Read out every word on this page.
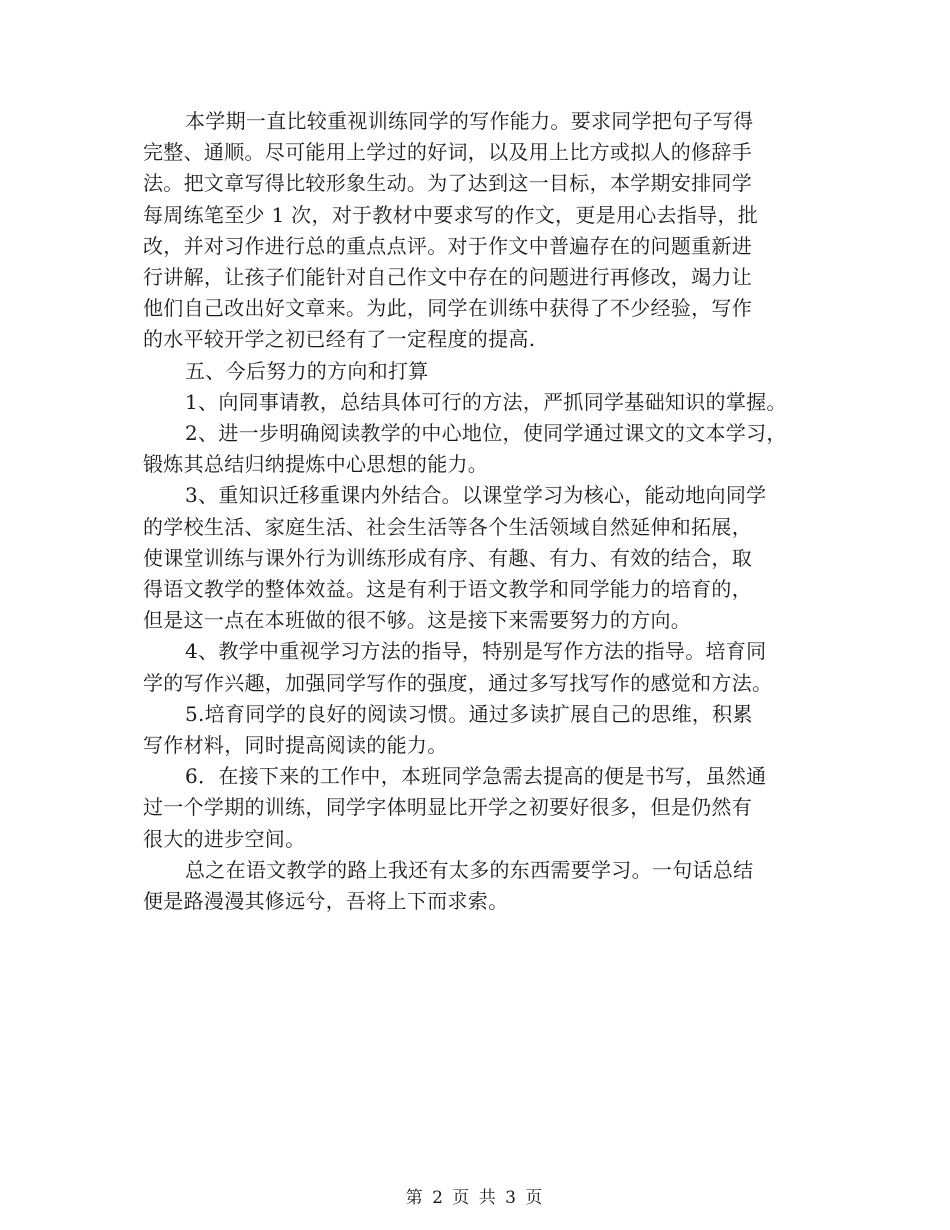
本学期一直比较重视训练同学的写作能力。要求同学把句子写得
完整、通顺。尽可能用上学过的好词，以及用上比方或拟人的修辞手
法。把文章写得比较形象生动。为了达到这一目标，本学期安排同学
每周练笔至少 1 次，对于教材中要求写的作文，更是用心去指导，批
改，并对习作进行总的重点点评。对于作文中普遍存在的问题重新进
行讲解，让孩子们能针对自己作文中存在的问题进行再修改，竭力让
他们自己改出好文章来。为此，同学在训练中获得了不少经验，写作
的水平较开学之初已经有了一定程度的提高.

五、今后努力的方向和打算

1、向同事请教，总结具体可行的方法，严抓同学基础知识的掌握。

2、进一步明确阅读教学的中心地位，使同学通过课文的文本学习，
锻炼其总结归纳提炼中心思想的能力。

3、重知识迁移重课内外结合。以课堂学习为核心，能动地向同学
的学校生活、家庭生活、社会生活等各个生活领域自然延伸和拓展，
使课堂训练与课外行为训练形成有序、有趣、有力、有效的结合，取
得语文教学的整体效益。这是有利于语文教学和同学能力的培育的，
但是这一点在本班做的很不够。这是接下来需要努力的方向。

4、教学中重视学习方法的指导，特别是写作方法的指导。培育同
学的写作兴趣，加强同学写作的强度，通过多写找写作的感觉和方法。

5.培育同学的良好的阅读习惯。通过多读扩展自己的思维，积累
写作材料，同时提高阅读的能力。

6．在接下来的工作中，本班同学急需去提高的便是书写，虽然通
过一个学期的训练，同学字体明显比开学之初要好很多，但是仍然有
很大的进步空间。

总之在语文教学的路上我还有太多的东西需要学习。一句话总结
便是路漫漫其修远兮，吾将上下而求索。

第 2 页 共 3 页
